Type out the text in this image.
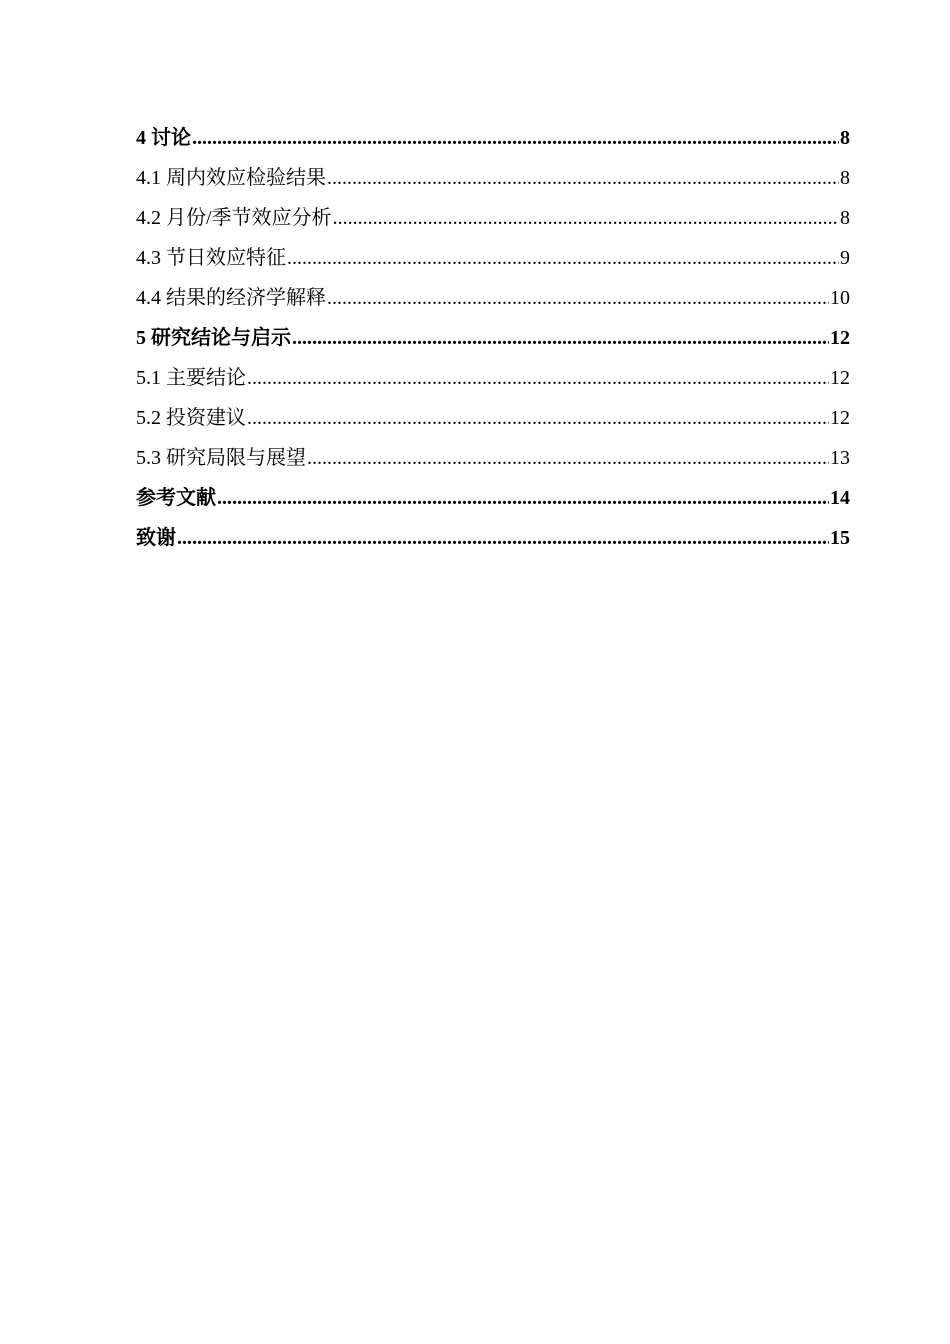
4 讨论 .....	8
4.1 周内效应检验结果 .....	8
4.2 月份/季节效应分析 .....	8
4.3 节日效应特征 .....	9
4.4 结果的经济学解释 .....	10
5 研究结论与启示 .....	12
5.1 主要结论 .....	12
5.2 投资建议 .....	12
5.3 研究局限与展望 .....	13
参考文献 .....	14
致谢 .....	15
